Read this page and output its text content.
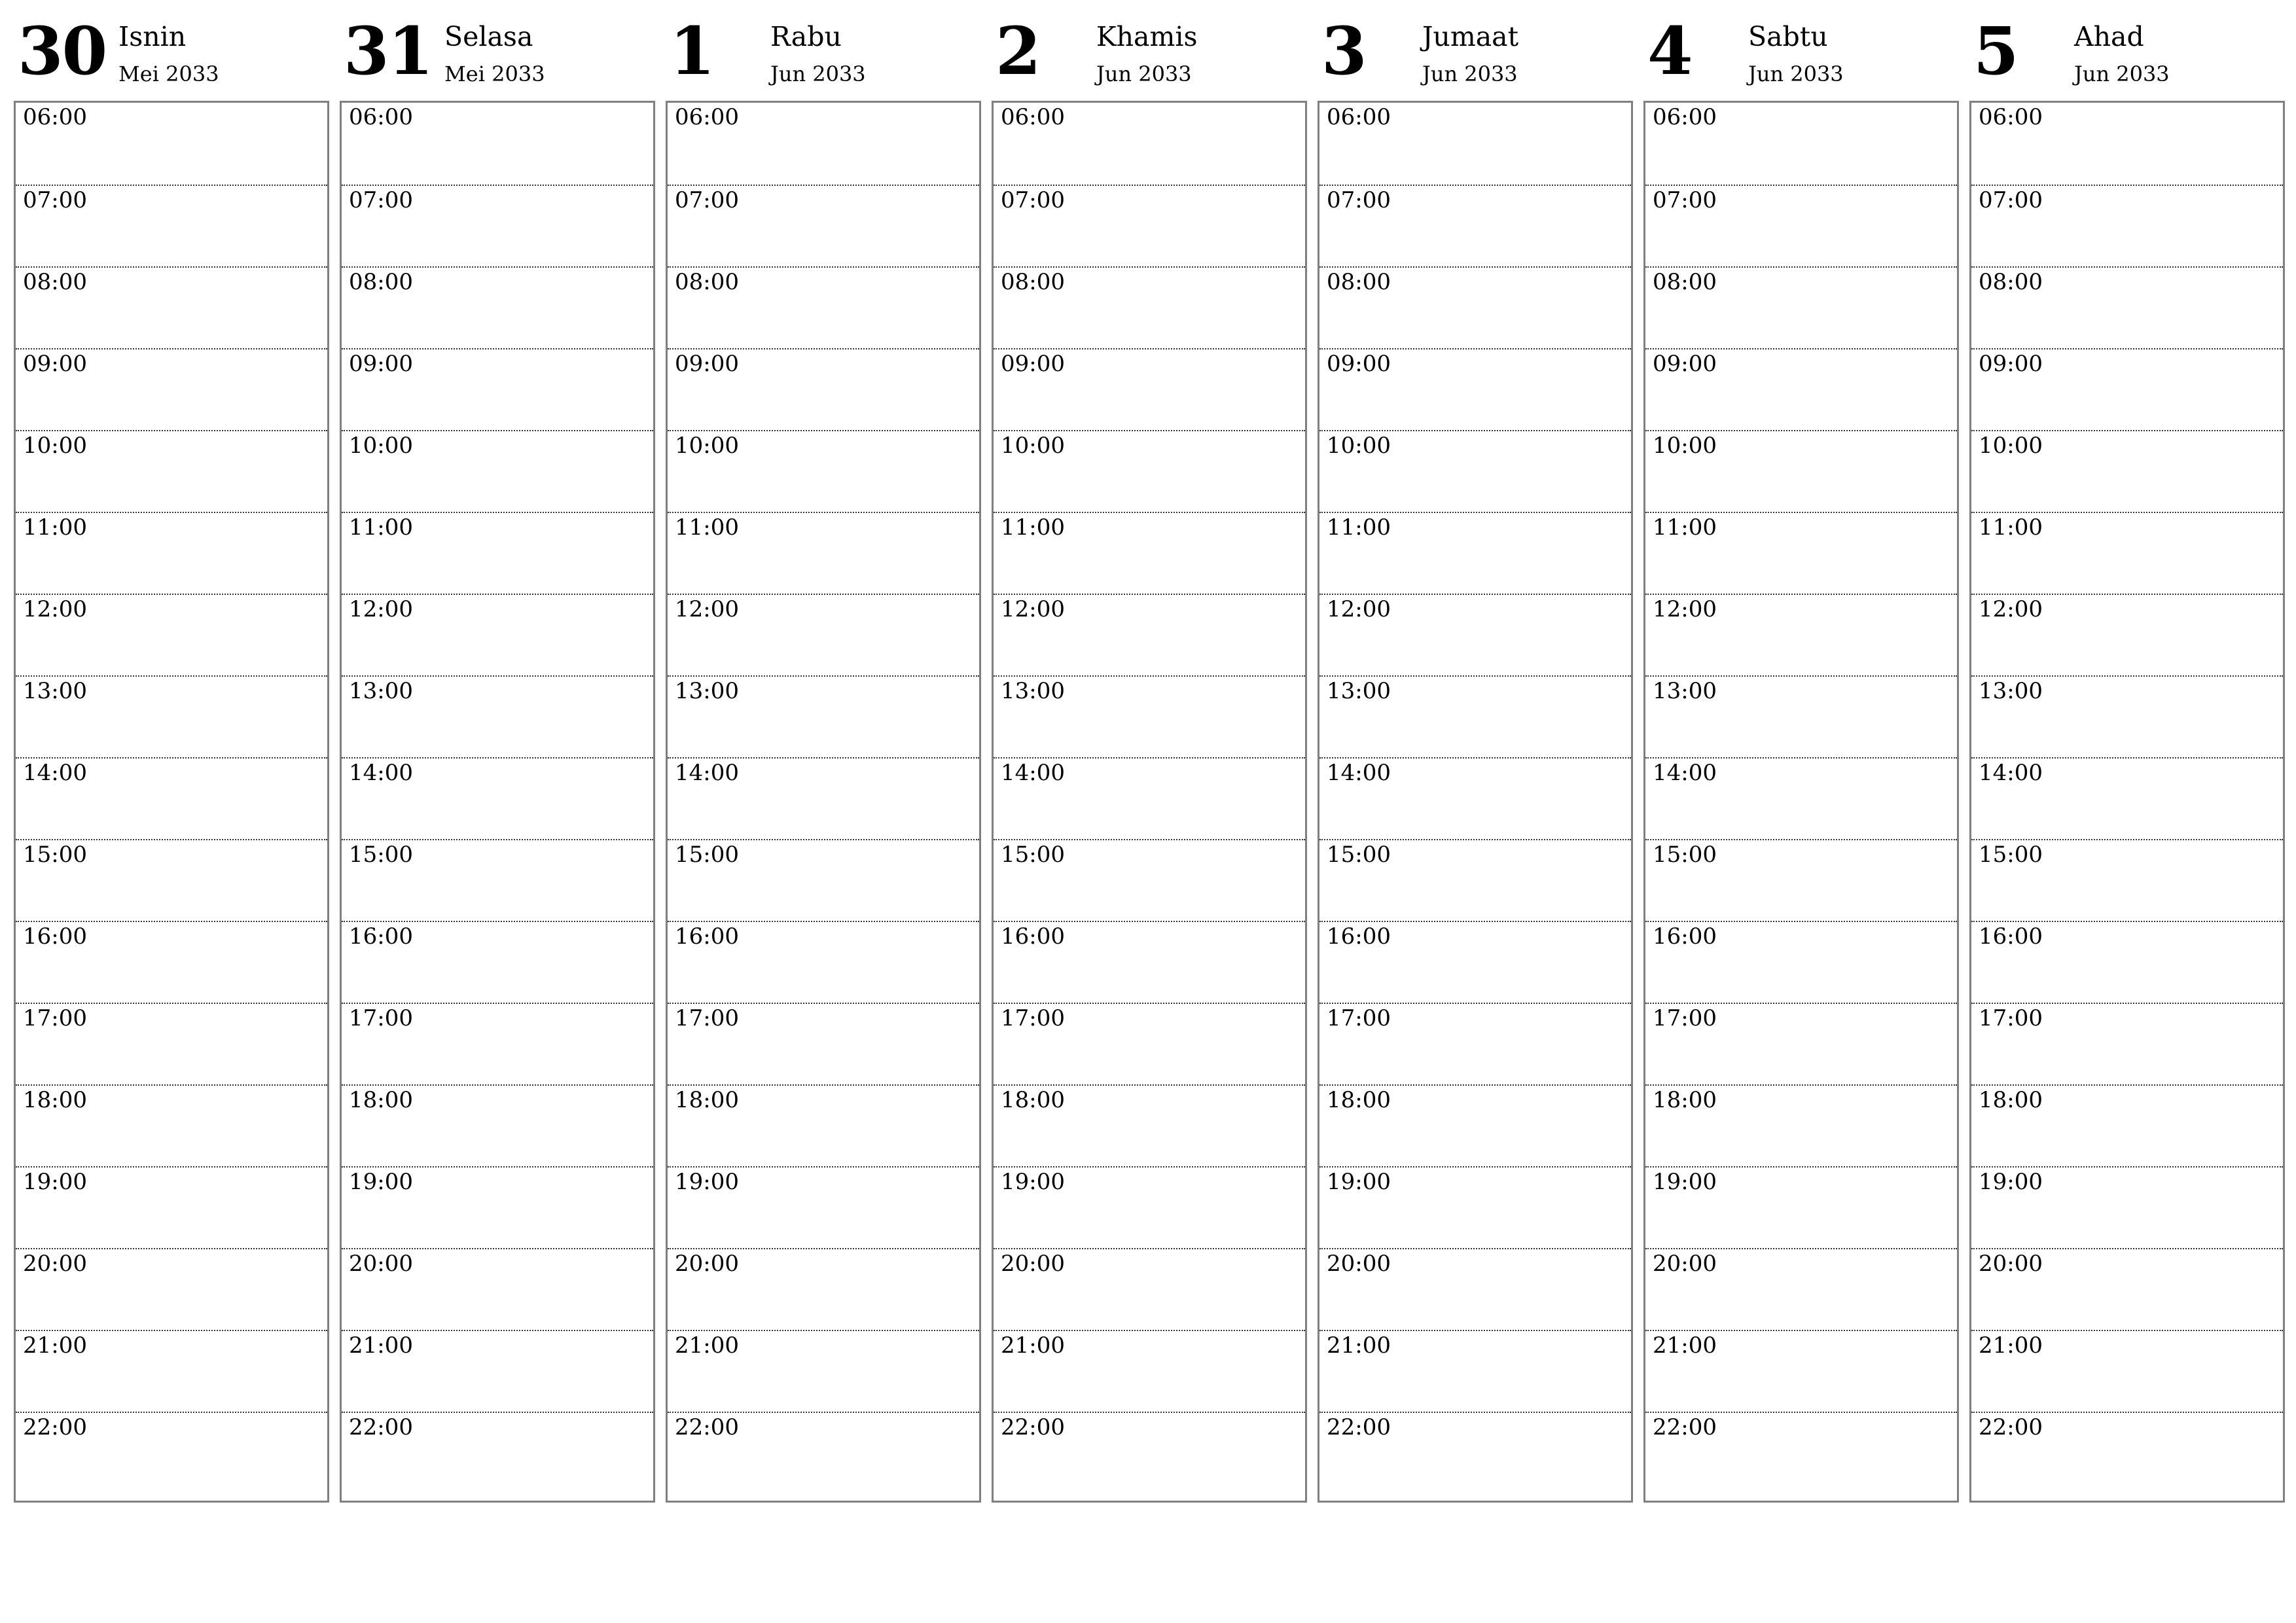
30 Isnin
Mei 2033
06:00
07:00
08:00
09:00
10:00
11:00
12:00
13:00
14:00
15:00
16:00
17:00
18:00
19:00
20:00
21:00
22:00
31 Selasa
Mei 2033
06:00
07:00
08:00
09:00
10:00
11:00
12:00
13:00
14:00
15:00
16:00
17:00
18:00
19:00
20:00
21:00
22:00
1 Rabu
Jun 2033
06:00
07:00
08:00
09:00
10:00
11:00
12:00
13:00
14:00
15:00
16:00
17:00
18:00
19:00
20:00
21:00
22:00
2 Khamis
Jun 2033
06:00
07:00
08:00
09:00
10:00
11:00
12:00
13:00
14:00
15:00
16:00
17:00
18:00
19:00
20:00
21:00
22:00
3 Jumaat
Jun 2033
06:00
07:00
08:00
09:00
10:00
11:00
12:00
13:00
14:00
15:00
16:00
17:00
18:00
19:00
20:00
21:00
22:00
4 Sabtu
Jun 2033
06:00
07:00
08:00
09:00
10:00
11:00
12:00
13:00
14:00
15:00
16:00
17:00
18:00
19:00
20:00
21:00
22:00
5 Ahad
Jun 2033
06:00
07:00
08:00
09:00
10:00
11:00
12:00
13:00
14:00
15:00
16:00
17:00
18:00
19:00
20:00
21:00
22:00
